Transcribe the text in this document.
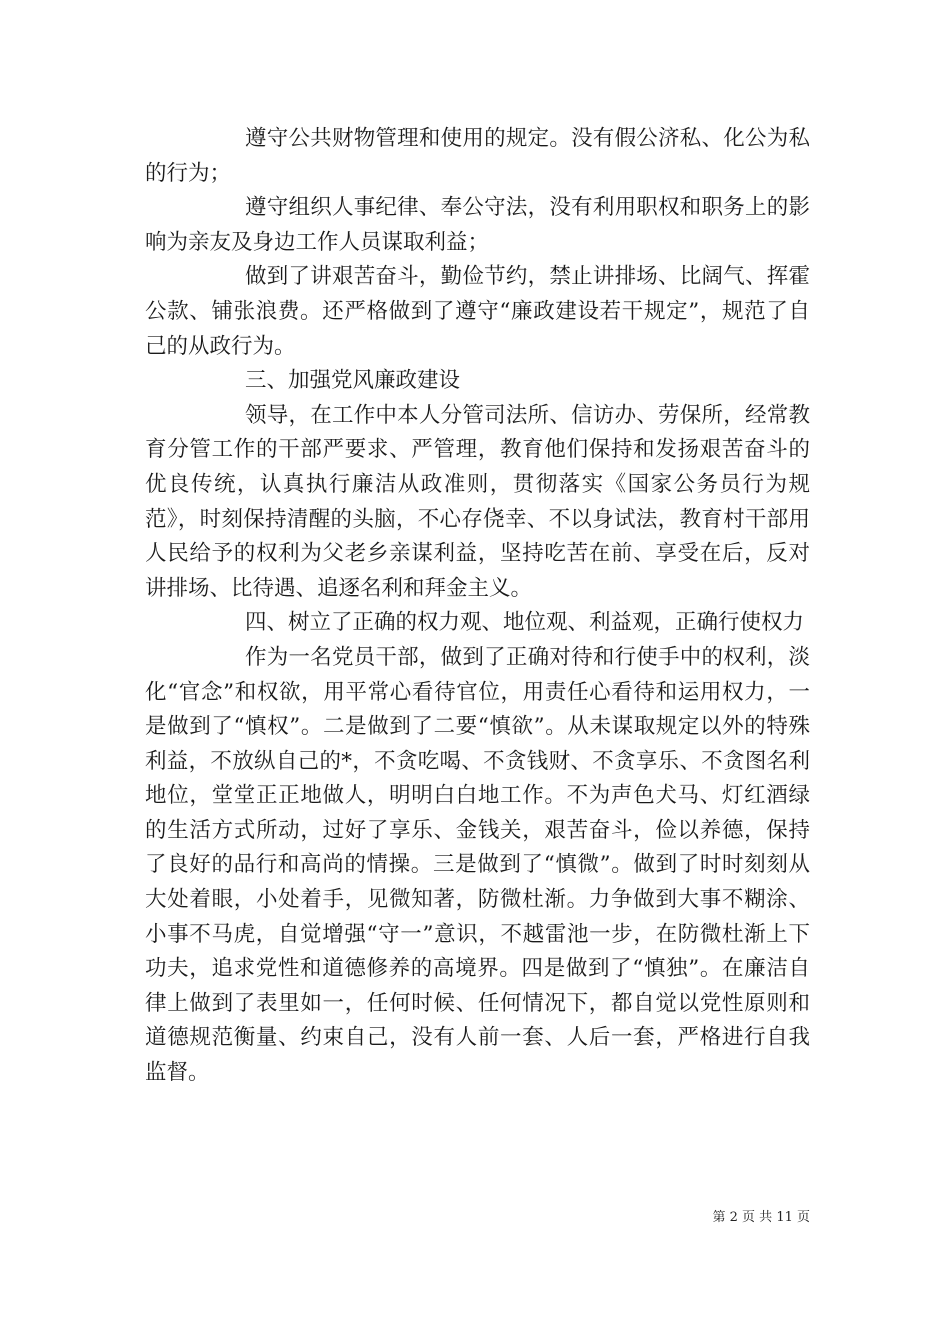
遵守公共财物管理和使用的规定。没有假公济私、化公为私的行为；

遵守组织人事纪律、奉公守法，没有利用职权和职务上的影响为亲友及身边工作人员谋取利益；

做到了讲艰苦奋斗，勤俭节约，禁止讲排场、比阔气、挥霍公款、铺张浪费。还严格做到了遵守“廉政建设若干规定”，规范了自己的从政行为。

三、加强党风廉政建设

领导，在工作中本人分管司法所、信访办、劳保所，经常教育分管工作的干部严要求、严管理，教育他们保持和发扬艰苦奋斗的优良传统，认真执行廉洁从政准则，贯彻落实《国家公务员行为规范》，时刻保持清醒的头脑，不心存侥幸、不以身试法，教育村干部用人民给予的权利为父老乡亲谋利益，坚持吃苦在前、享受在后，反对讲排场、比待遇、追逐名利和拜金主义。

四、树立了正确的权力观、地位观、利益观，正确行使权力

作为一名党员干部，做到了正确对待和行使手中的权利，淡化“官念”和权欲，用平常心看待官位，用责任心看待和运用权力，一是做到了“慎权”。二是做到了二要“慎欲”。从未谋取规定以外的特殊利益，不放纵自己的*，不贪吃喝、不贪钱财、不贪享乐、不贪图名利地位，堂堂正正地做人，明明白白地工作。不为声色犬马、灯红酒绿的生活方式所动，过好了享乐、金钱关，艰苦奋斗，俭以养德，保持了良好的品行和高尚的情操。三是做到了“慎微”。做到了时时刻刻从大处着眼，小处着手，见微知著，防微杜渐。力争做到大事不糊涂、小事不马虎，自觉增强“守一”意识，不越雷池一步，在防微杜渐上下功夫，追求党性和道德修养的高境界。四是做到了“慎独”。在廉洁自律上做到了表里如一，任何时候、任何情况下，都自觉以党性原则和道德规范衡量、约束自己，没有人前一套、人后一套，严格进行自我监督。

第 2 页 共 11 页
